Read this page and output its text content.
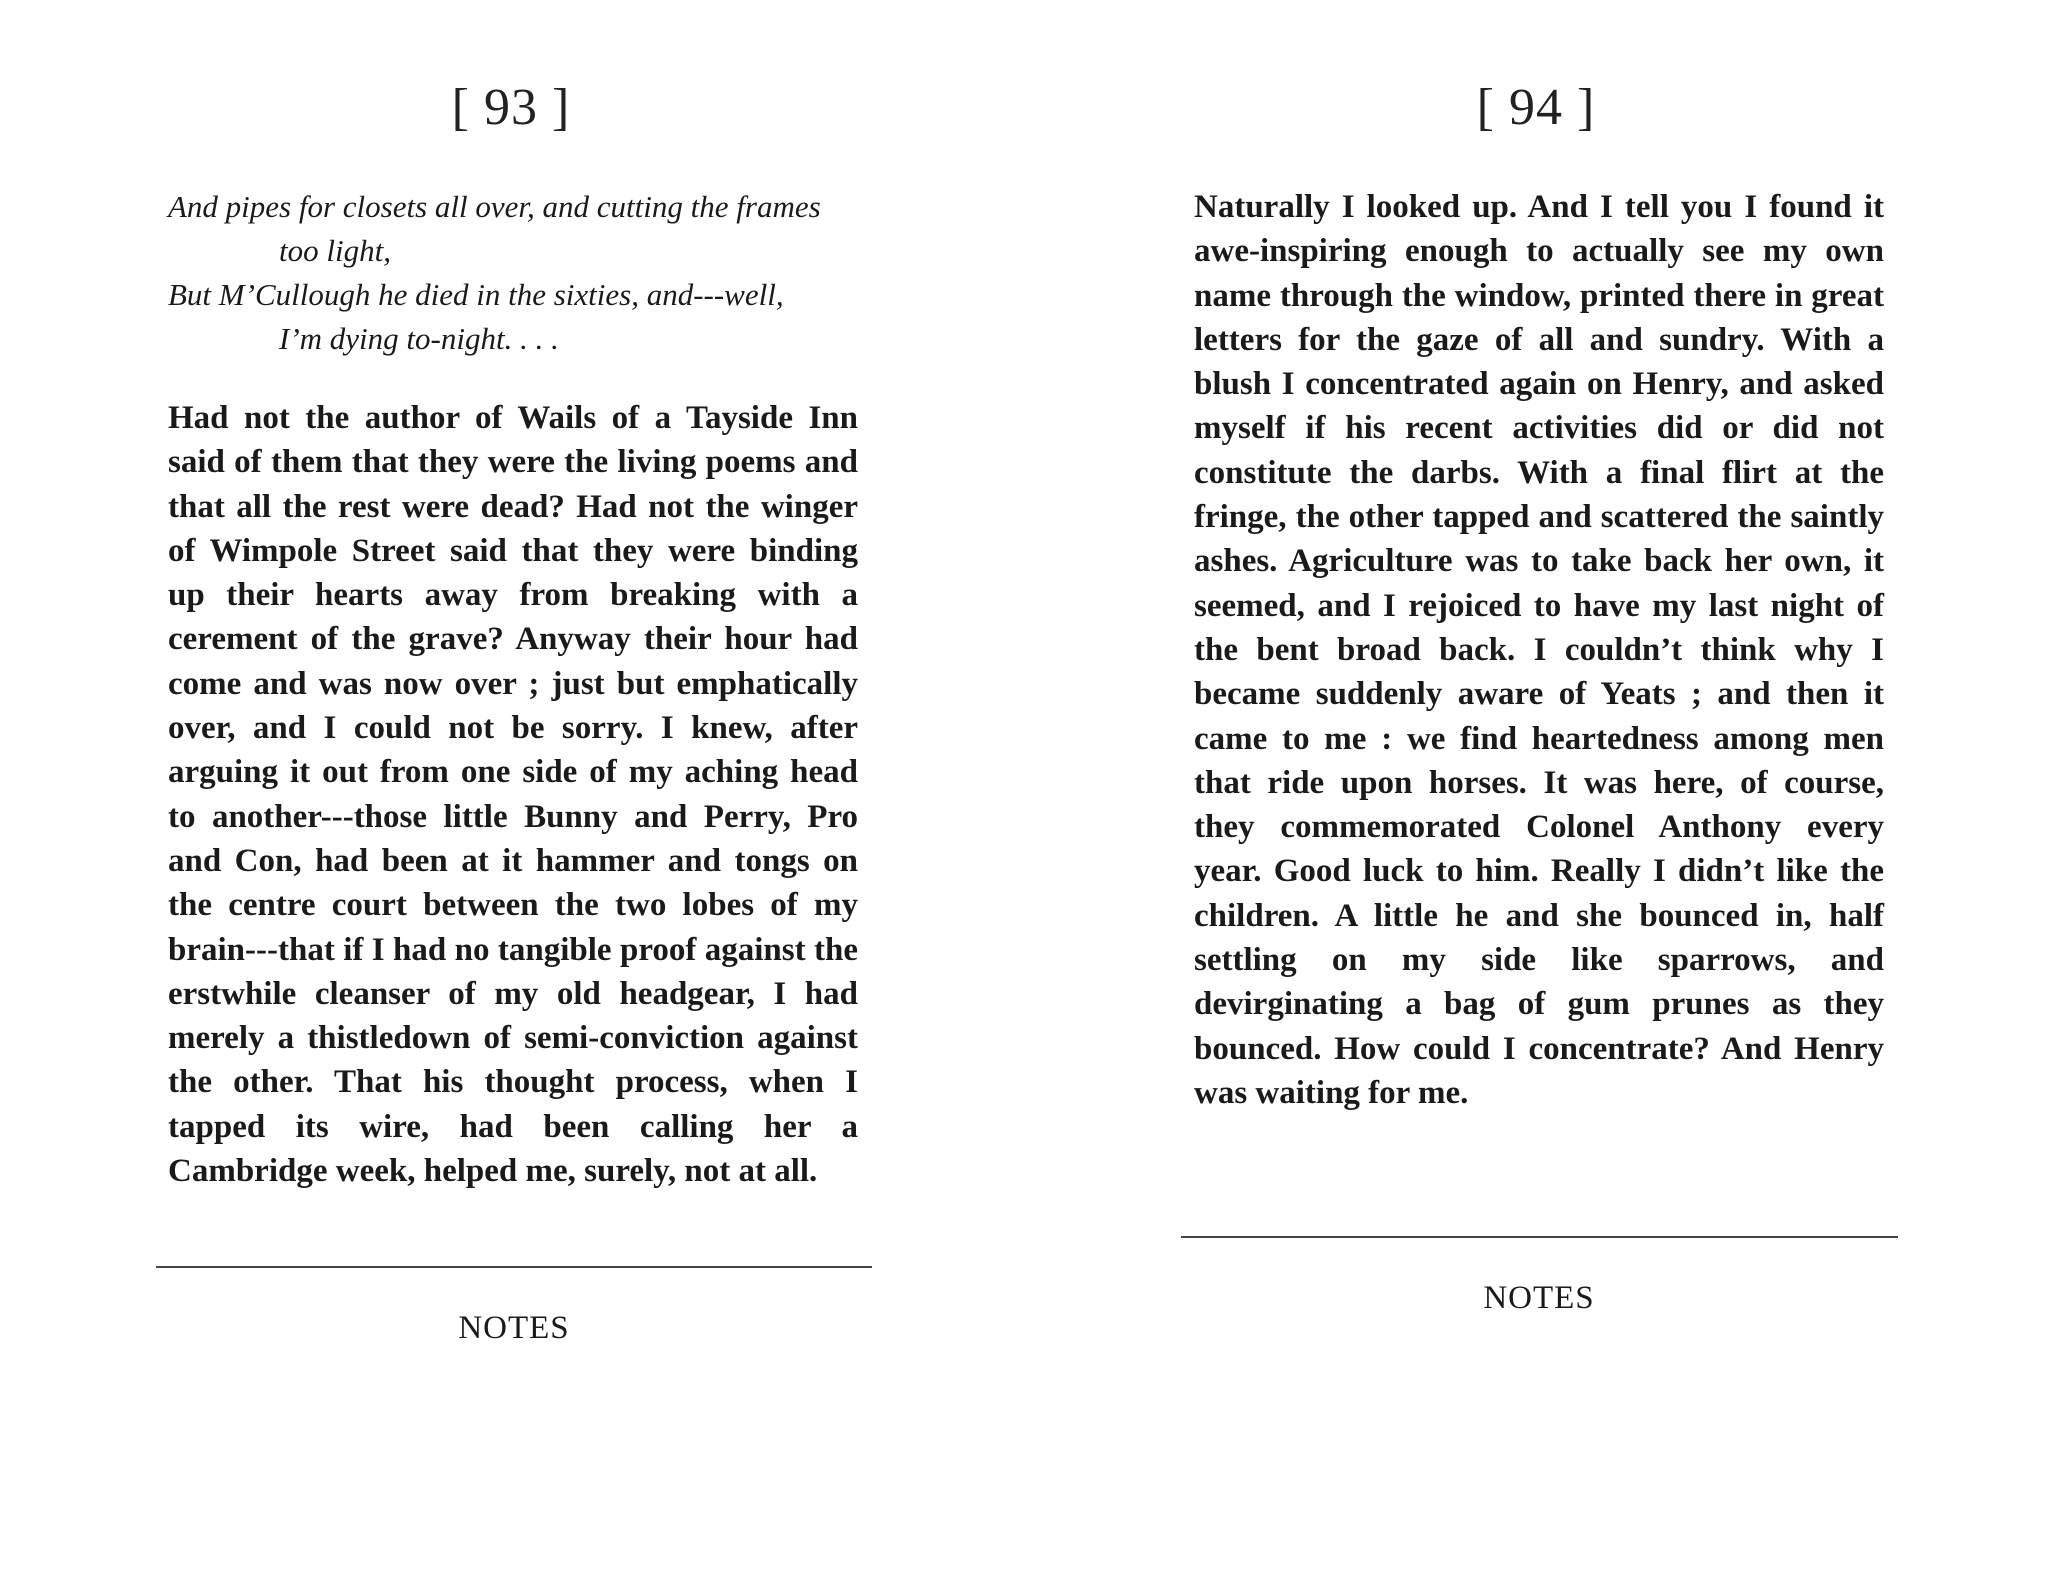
[ 93 ]
And pipes for closets all over, and cutting the frames
too light,
But M’Cullough he died in the sixties, and---well,
I’m dying to-night. . . .
Had not the author of Wails of a Tayside Inn said of them that they were the living poems and that all the rest were dead? Had not the winger of Wimpole Street said that they were binding up their hearts away from breaking with a cerement of the grave? Anyway their hour had come and was now over ; just but emphatically over, and I could not be sorry. I knew, after arguing it out from one side of my aching head to another---those little Bunny and Perry, Pro and Con, had been at it hammer and tongs on the centre court between the two lobes of my brain---that if I had no tangible proof against the erstwhile cleanser of my old headgear, I had merely a thistledown of semi-conviction against the other. That his thought process, when I tapped its wire, had been calling her a Cambridge week, helped me, surely, not at all.
NOTES
[ 94 ]
Naturally I looked up. And I tell you I found it awe-inspiring enough to actually see my own name through the window, printed there in great letters for the gaze of all and sundry. With a blush I concentrated again on Henry, and asked myself if his recent activities did or did not constitute the darbs. With a final flirt at the fringe, the other tapped and scattered the saintly ashes. Agriculture was to take back her own, it seemed, and I rejoiced to have my last night of the bent broad back. I couldn’t think why I became suddenly aware of Yeats ; and then it came to me : we find heartedness among men that ride upon horses. It was here, of course, they commemorated Colonel Anthony every year. Good luck to him. Really I didn’t like the children. A little he and she bounced in, half settling on my side like sparrows, and devirginating a bag of gum prunes as they bounced. How could I concentrate? And Henry was waiting for me.
NOTES
